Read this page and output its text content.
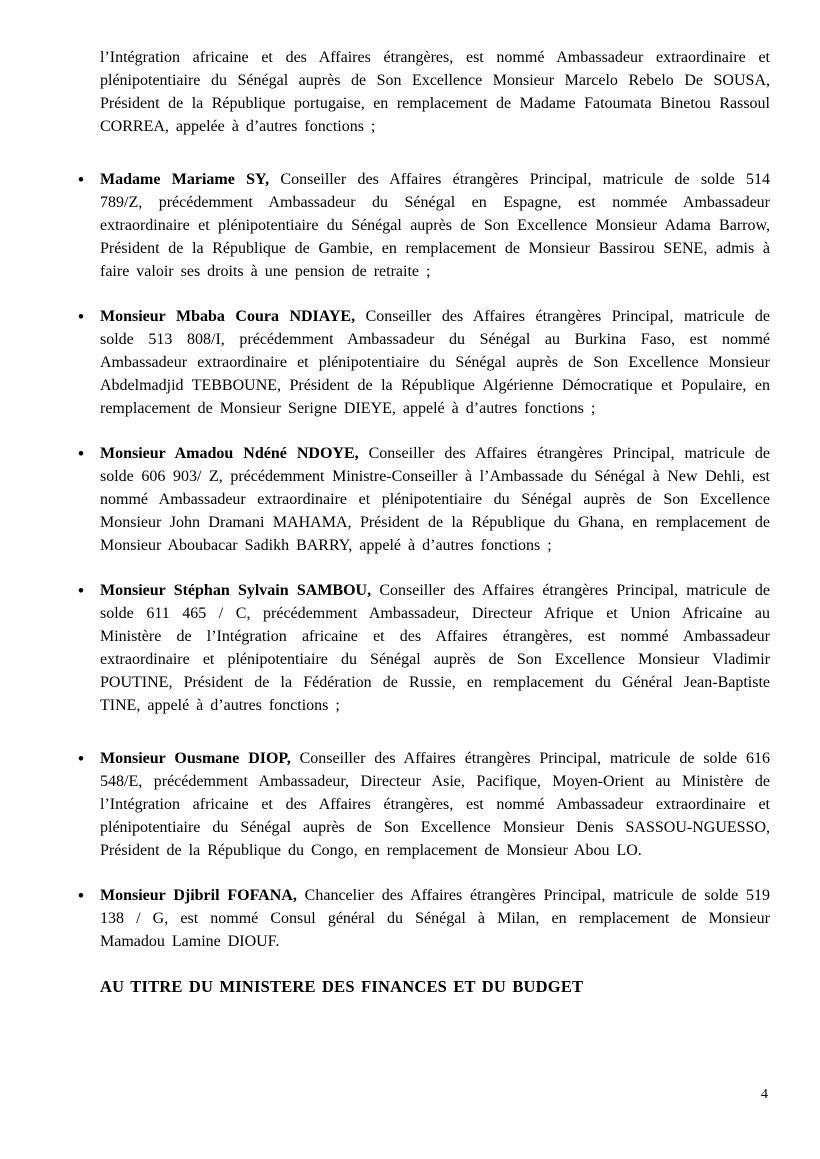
l’Intégration africaine et des Affaires étrangères, est nommé Ambassadeur extraordinaire et plénipotentiaire du Sénégal auprès de Son Excellence Monsieur Marcelo Rebelo De SOUSA, Président de la République portugaise, en remplacement de Madame Fatoumata Binetou Rassoul CORREA, appelée à d’autres fonctions ;

• Madame Mariame SY, Conseiller des Affaires étrangères Principal, matricule de solde 514 789/Z, précédemment Ambassadeur du Sénégal en Espagne, est nommée Ambassadeur extraordinaire et plénipotentiaire du Sénégal auprès de Son Excellence Monsieur Adama Barrow, Président de la République de Gambie, en remplacement de Monsieur Bassirou SENE, admis à faire valoir ses droits à une pension de retraite ;
• Monsieur Mbaba Coura NDIAYE, Conseiller des Affaires étrangères Principal, matricule de solde 513 808/I, précédemment Ambassadeur du Sénégal au Burkina Faso, est nommé Ambassadeur extraordinaire et plénipotentiaire du Sénégal auprès de Son Excellence Monsieur Abdelmadjid TEBBOUNE, Président de la République Algérienne Démocratique et Populaire, en remplacement de Monsieur Serigne DIEYE, appelé à d’autres fonctions ;
• Monsieur Amadou Ndéné NDOYE, Conseiller des Affaires étrangères Principal, matricule de solde 606 903/ Z, précédemment Ministre-Conseiller à l’Ambassade du Sénégal à New Dehli, est nommé Ambassadeur extraordinaire et plénipotentiaire du Sénégal auprès de Son Excellence Monsieur John Dramani MAHAMA, Président de la République du Ghana, en remplacement de Monsieur Aboubacar Sadikh BARRY, appelé à d’autres fonctions ;
• Monsieur Stéphan Sylvain SAMBOU, Conseiller des Affaires étrangères Principal, matricule de solde 611 465 / C, précédemment Ambassadeur, Directeur Afrique et Union Africaine au Ministère de l’Intégration africaine et des Affaires étrangères, est nommé Ambassadeur extraordinaire et plénipotentiaire du Sénégal auprès de Son Excellence Monsieur Vladimir POUTINE, Président de la Fédération de Russie, en remplacement du Général Jean-Baptiste TINE, appelé à d’autres fonctions ;
• Monsieur Ousmane DIOP, Conseiller des Affaires étrangères Principal, matricule de solde 616 548/E, précédemment Ambassadeur, Directeur Asie, Pacifique, Moyen-Orient au Ministère de l’Intégration africaine et des Affaires étrangères, est nommé Ambassadeur extraordinaire et plénipotentiaire du Sénégal auprès de Son Excellence Monsieur Denis SASSOU-NGUESSO, Président de la République du Congo, en remplacement de Monsieur Abou LO.
• Monsieur Djibril FOFANA, Chancelier des Affaires étrangères Principal, matricule de solde 519 138 / G, est nommé Consul général du Sénégal à Milan, en remplacement de Monsieur Mamadou Lamine DIOUF.
AU TITRE DU MINISTERE DES FINANCES ET DU BUDGET
4
